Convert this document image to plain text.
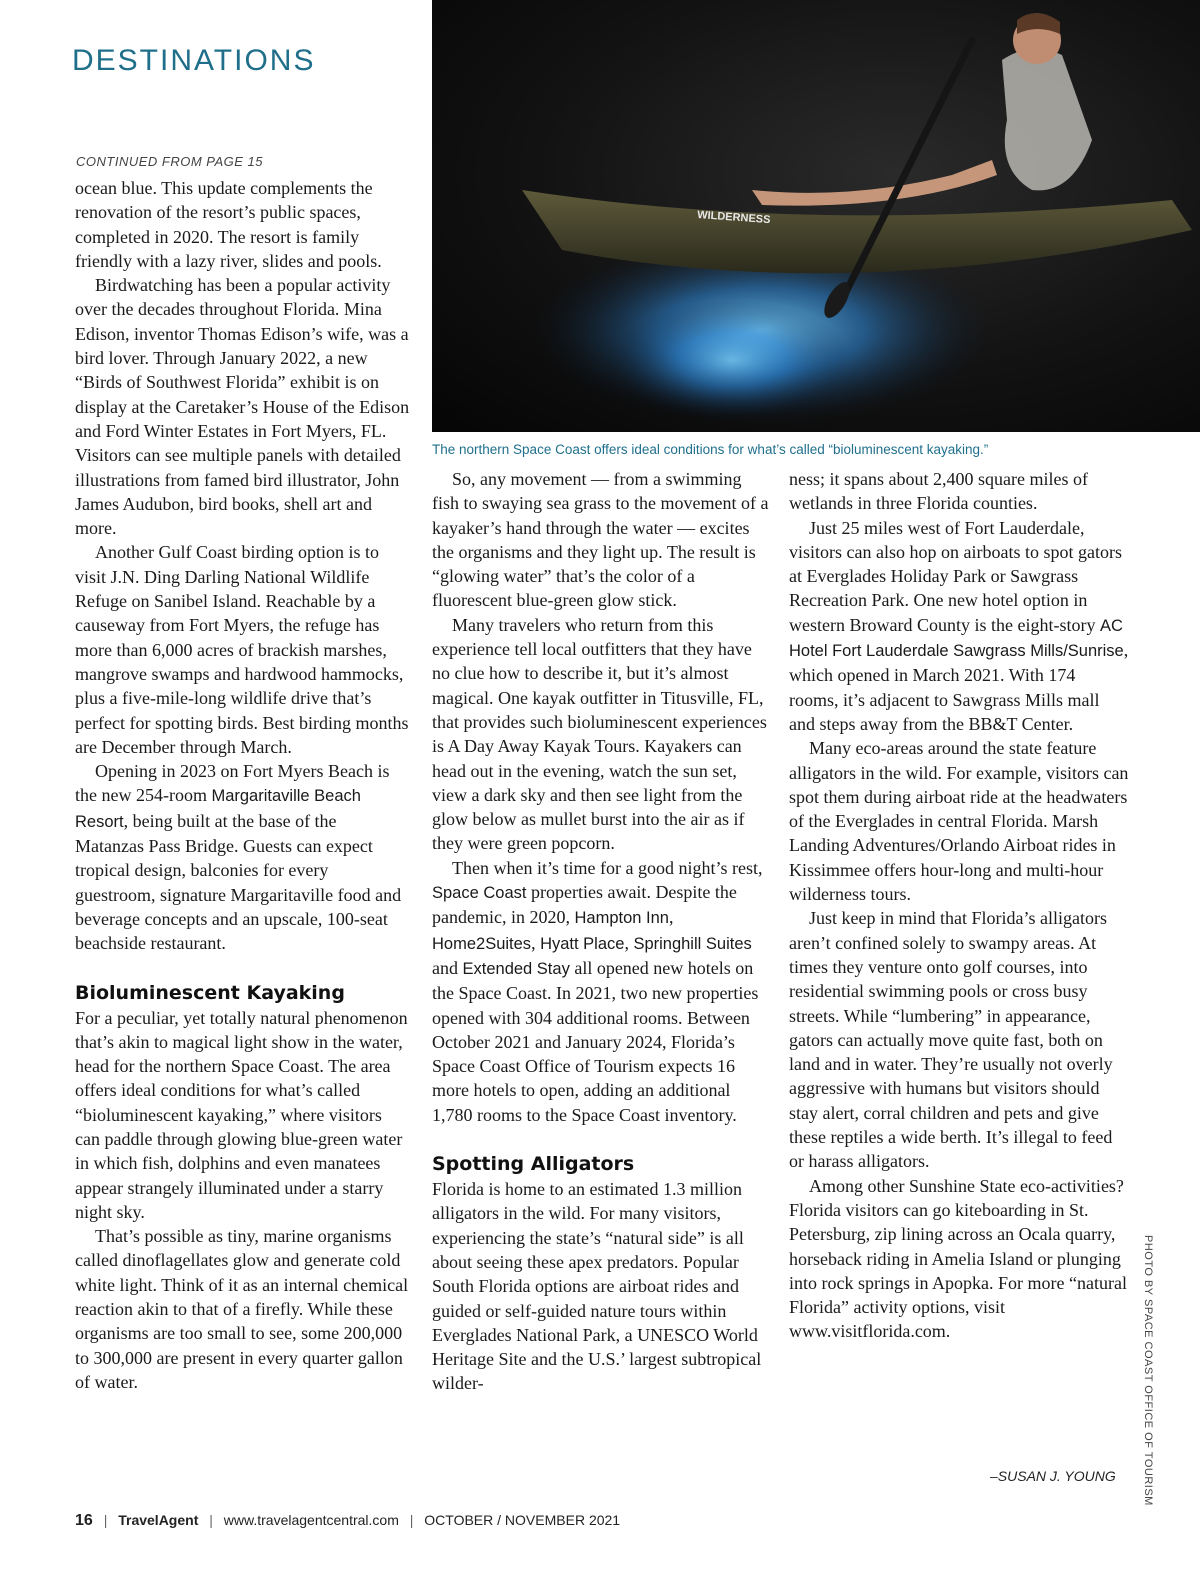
DESTINATIONS
CONTINUED FROM PAGE 15

ocean blue. This update complements the renovation of the resort’s public spaces, completed in 2020. The resort is family friendly with a lazy river, slides and pools.

Birdwatching has been a popular activity over the decades throughout Florida. Mina Edison, inventor Thomas Edison’s wife, was a bird lover. Through January 2022, a new “Birds of Southwest Florida” exhibit is on display at the Caretaker’s House of the Edison and Ford Winter Estates in Fort Myers, FL. Visitors can see multiple panels with detailed illustrations from famed bird illustrator, John James Audubon, bird books, shell art and more.

Another Gulf Coast birding option is to visit J.N. Ding Darling National Wildlife Refuge on Sanibel Island. Reachable by a causeway from Fort Myers, the refuge has more than 6,000 acres of brackish marshes, mangrove swamps and hardwood hammocks, plus a five-mile-long wildlife drive that’s perfect for spotting birds. Best birding months are December through March.

Opening in 2023 on Fort Myers Beach is the new 254-room Margaritaville Beach Resort, being built at the base of the Matanzas Pass Bridge. Guests can expect tropical design, balconies for every guestroom, signature Margaritaville food and beverage concepts and an upscale, 100-seat beachside restaurant.

Bioluminescent Kayaking

For a peculiar, yet totally natural phenomenon that’s akin to magical light show in the water, head for the northern Space Coast. The area offers ideal conditions for what’s called “bioluminescent kayaking,” where visitors can paddle through glowing blue-green water in which fish, dolphins and even manatees appear strangely illuminated under a starry night sky.

That’s possible as tiny, marine organisms called dinoflagellates glow and generate cold white light. Think of it as an internal chemical reaction akin to that of a firefly. While these organisms are too small to see, some 200,000 to 300,000 are present in every quarter gallon of water.

WILDERNESS
The northern Space Coast offers ideal conditions for what’s called “bioluminescent kayaking.”

So, any movement — from a swimming fish to swaying sea grass to the movement of a kayaker’s hand through the water — excites the organisms and they light up. The result is “glowing water” that’s the color of a fluorescent blue-green glow stick.

Many travelers who return from this experience tell local outfitters that they have no clue how to describe it, but it’s almost magical. One kayak outfitter in Titusville, FL, that provides such bioluminescent experiences is A Day Away Kayak Tours. Kayakers can head out in the evening, watch the sun set, view a dark sky and then see light from the glow below as mullet burst into the air as if they were green popcorn.

Then when it’s time for a good night’s rest, Space Coast properties await. Despite the pandemic, in 2020, Hampton Inn, Home2Suites, Hyatt Place, Springhill Suites and Extended Stay all opened new hotels on the Space Coast. In 2021, two new properties opened with 304 additional rooms. Between October 2021 and January 2024, Florida’s Space Coast Office of Tourism expects 16 more hotels to open, adding an additional 1,780 rooms to the Space Coast inventory.

Spotting Alligators

Florida is home to an estimated 1.3 million alligators in the wild. For many visitors, experiencing the state’s “natural side” is all about seeing these apex predators. Popular South Florida options are airboat rides and guided or self-guided nature tours within Everglades National Park, a UNESCO World Heritage Site and the U.S.’ largest subtropical wilder-

ness; it spans about 2,400 square miles of wetlands in three Florida counties.

Just 25 miles west of Fort Lauderdale, visitors can also hop on airboats to spot gators at Everglades Holiday Park or Sawgrass Recreation Park. One new hotel option in western Broward County is the eight-story AC Hotel Fort Lauderdale Sawgrass Mills/Sunrise, which opened in March 2021. With 174 rooms, it’s adjacent to Sawgrass Mills mall and steps away from the BB&T Center.

Many eco-areas around the state feature alligators in the wild. For example, visitors can spot them during airboat ride at the headwaters of the Everglades in central Florida. Marsh Landing Adventures/Orlando Airboat rides in Kissimmee offers hour-long and multi-hour wilderness tours.

Just keep in mind that Florida’s alligators aren’t confined solely to swampy areas. At times they venture onto golf courses, into residential swimming pools or cross busy streets. While “lumbering” in appearance, gators can actually move quite fast, both on land and in water. They’re usually not overly aggressive with humans but visitors should stay alert, corral children and pets and give these reptiles a wide berth. It’s illegal to feed or harass alligators.

Among other Sunshine State eco-activities? Florida visitors can go kiteboarding in St. Petersburg, zip lining across an Ocala quarry, horseback riding in Amelia Island or plunging into rock springs in Apopka. For more “natural Florida” activity options, visit www.visitflorida.com.

–SUSAN J. YOUNG PHOTO BY SPACE COAST OFFICE OF TOURISM
16 | TravelAgent | www.travelagentcentral.com | OCTOBER / NOVEMBER 2021
